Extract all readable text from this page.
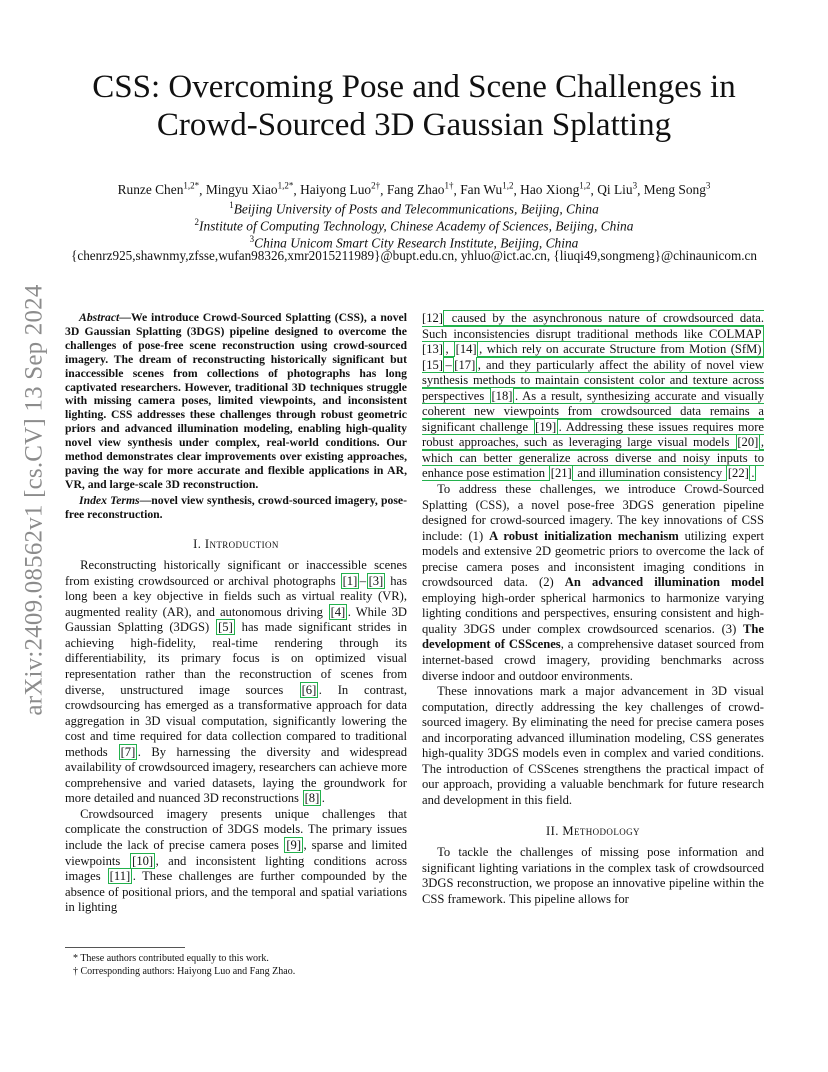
arXiv:2409.08562v1 [cs.CV] 13 Sep 2024
CSS: Overcoming Pose and Scene Challenges in
Crowd-Sourced 3D Gaussian Splatting
Runze Chen$^{1,2*}$, Mingyu Xiao$^{1,2*}$, Haiyong Luo$^{2\dagger}$, Fang Zhao$^{1\dagger}$, Fan Wu$^{1,2}$, Hao Xiong$^{1,2}$, Qi Liu$^3$, Meng Song$^3$
$^1$Beijing University of Posts and Telecommunications, Beijing, China
$^2$Institute of Computing Technology, Chinese Academy of Sciences, Beijing, China
$^3$China Unicom Smart City Research Institute, Beijing, China
{chenrz925,shawnmy,zfsse,wufan98326,xmr2015211989}@bupt.edu.cn, yhluo@ict.ac.cn, {liuqi49,songmeng}@chinaunicom.cn

Abstract—We introduce Crowd-Sourced Splatting (CSS), a novel 3D Gaussian Splatting (3DGS) pipeline designed to overcome the challenges of pose-free scene reconstruction using crowd-sourced imagery. The dream of reconstructing historically significant but inaccessible scenes from collections of photographs has long captivated researchers. However, traditional 3D techniques struggle with missing camera poses, limited viewpoints, and inconsistent lighting. CSS addresses these challenges through robust geometric priors and advanced illumination modeling, enabling high-quality novel view synthesis under complex, real-world conditions. Our method demonstrates clear improvements over existing approaches, paving the way for more accurate and flexible applications in AR, VR, and large-scale 3D reconstruction.

Index Terms—novel view synthesis, crowd-sourced imagery, pose-free reconstruction.

I. Introduction

Reconstructing historically significant or inaccessible scenes from existing crowdsourced or archival photographs [1] – [3] has long been a key objective in fields such as virtual reality (VR), augmented reality (AR), and autonomous driving [4] . While 3D Gaussian Splatting (3DGS) [5] has made significant strides in achieving high-fidelity, real-time rendering through its differentiability, its primary focus is on optimized visual representation rather than the reconstruction of scenes from diverse, unstructured image sources [6] . In contrast, crowdsourcing has emerged as a transformative approach for data aggregation in 3D visual computation, significantly lowering the cost and time required for data collection compared to traditional methods [7] . By harnessing the diversity and widespread availability of crowdsourced imagery, researchers can achieve more comprehensive and varied datasets, laying the groundwork for more detailed and nuanced 3D reconstructions [8] .

Crowdsourced imagery presents unique challenges that complicate the construction of 3DGS models. The primary issues include the lack of precise camera poses [9] , sparse and limited viewpoints [10] , and inconsistent lighting conditions across images [11] . These challenges are further compounded by the absence of positional priors, and the temporal and spatial variations in lighting

[12] caused by the asynchronous nature of crowdsourced data. Such inconsistencies disrupt traditional methods like COLMAP [13] , [14] , which rely on accurate Structure from Motion (SfM) [15] – [17] , and they particularly affect the ability of novel view synthesis methods to maintain consistent color and texture across perspectives [18] . As a result, synthesizing accurate and visually coherent new viewpoints from crowdsourced data remains a significant challenge [19] . Addressing these issues requires more robust approaches, such as leveraging large visual models [20] , which can better generalize across diverse and noisy inputs to enhance pose estimation [21] and illumination consistency [22] .

To address these challenges, we introduce Crowd-Sourced Splatting (CSS), a novel pose-free 3DGS generation pipeline designed for crowd-sourced imagery. The key innovations of CSS include: (1) A robust initialization mechanism utilizing expert models and extensive 2D geometric priors to overcome the lack of precise camera poses and inconsistent imaging conditions in crowdsourced data. (2) An advanced illumination model employing high-order spherical harmonics to harmonize varying lighting conditions and perspectives, ensuring consistent and high-quality 3DGS under complex crowdsourced scenarios. (3) The development of CSScenes, a comprehensive dataset sourced from internet-based crowd imagery, providing benchmarks across diverse indoor and outdoor environments.

These innovations mark a major advancement in 3D visual computation, directly addressing the key challenges of crowd-sourced imagery. By eliminating the need for precise camera poses and incorporating advanced illumination modeling, CSS generates high-quality 3DGS models even in complex and varied conditions. The introduction of CSScenes strengthens the practical impact of our approach, providing a valuable benchmark for future research and development in this field.

II. Methodology

To tackle the challenges of missing pose information and significant lighting variations in the complex task of crowdsourced 3DGS reconstruction, we propose an innovative pipeline within the CSS framework. This pipeline allows for

* These authors contributed equally to this work.
† Corresponding authors: Haiyong Luo and Fang Zhao.
